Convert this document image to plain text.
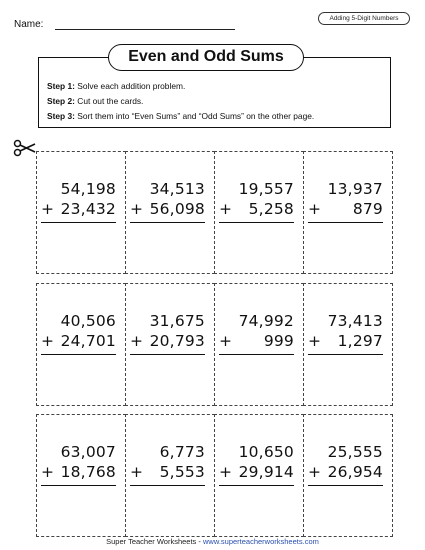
Name:
Adding 5-Digit Numbers
Even and Odd Sums
Step 1: Solve each addition problem.
Step 2: Cut out the cards.
Step 3: Sort them into “Even Sums” and “Odd Sums” on the other page.
54,198
+ 23,432
34,513
+ 56,098
19,557
+ 5,258
13,937
+ 879
40,506
+ 24,701
31,675
+ 20,793
74,992
+ 999
73,413
+ 1,297
63,007
+ 18,768
6,773
+ 5,553
10,650
+ 29,914
25,555
+ 26,954
Super Teacher Worksheets - www.superteacherworksheets.com
